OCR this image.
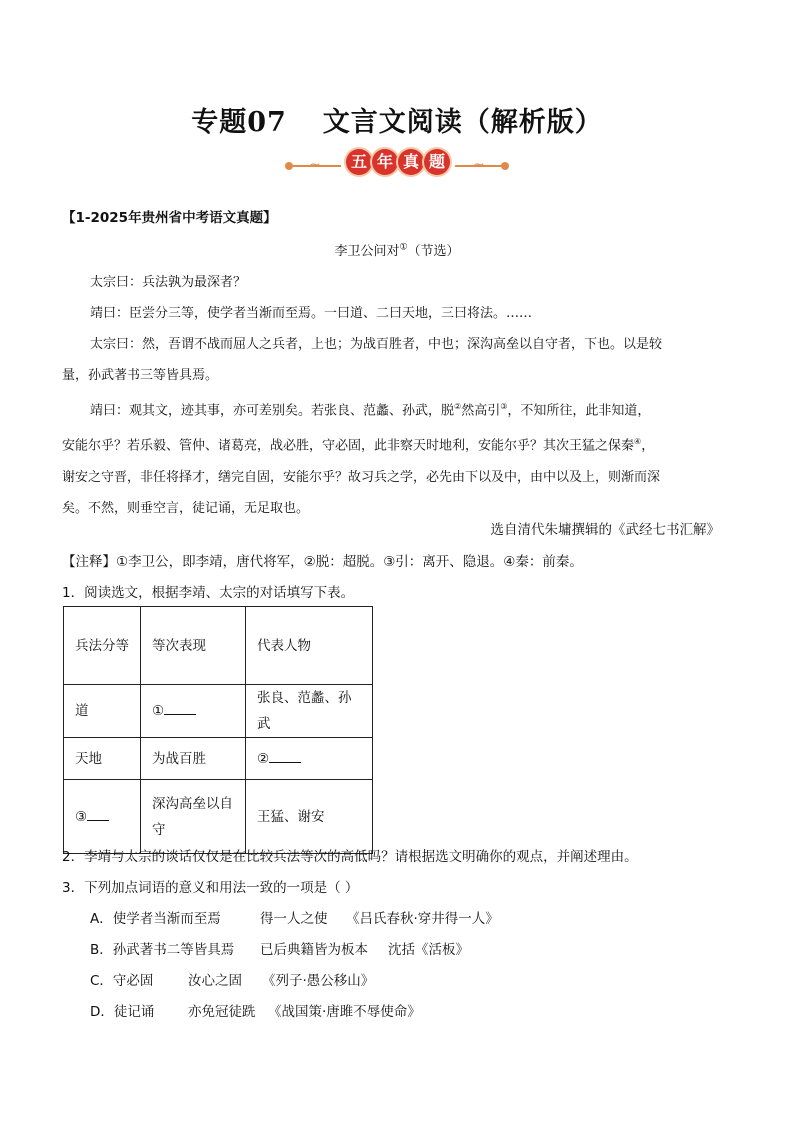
专题07 文言文阅读（解析版）
~	~
五 年 真 题
【1-2025年贵州省中考语文真题】
李卫公问对①（节选）
太宗曰：兵法孰为最深者？
靖曰：臣尝分三等，使学者当渐而至焉。一曰道、二曰天地，三曰将法。……
太宗曰：然，吾谓不战而屈人之兵者，上也；为战百胜者，中也；深沟高垒以自守者，下也。以是较
量，孙武著书三等皆具焉。
靖曰：观其文，迹其事，亦可差别矣。若张良、范蠡、孙武，脱②然高引③，不知所往，此非知道，
安能尔乎？若乐毅、管仲、诸葛亮，战必胜，守必固，此非察天时地利，安能尔乎？其次王猛之保秦④，
谢安之守晋，非任将择才，缮完自固，安能尔乎？故习兵之学，必先由下以及中，由中以及上，则渐而深
矣。不然，则垂空言，徒记诵，无足取也。
选自清代朱墉撰辑的《武经七书汇解》
【注释】①李卫公，即李靖，唐代将军，②脱：超脱。③引：离开、隐退。④秦：前秦。
1．阅读选文，根据李靖、太宗的对话填写下表。
兵法分等	等次表现	代表人物
道	①	张良、范蠡、孙武
天地	为战百胜	②
③	深沟高垒以自守	王猛、谢安
2．李靖与太宗的谈话仅仅是在比较兵法等次的高低吗？请根据选文明确你的观点，并阐述理由。
3．下列加点词语的意义和用法一致的一项是（ ）
A．使学者当渐而至焉	得一人之使 《吕氏春秋·穿井得一人》
B．孙武著书二等皆具焉 已后典籍皆为板本 沈括《活板》
C．守必固	汝心之固 《列子·愚公移山》
D．徒记诵 亦免冠徒跣 《战国策·唐雎不辱使命》
